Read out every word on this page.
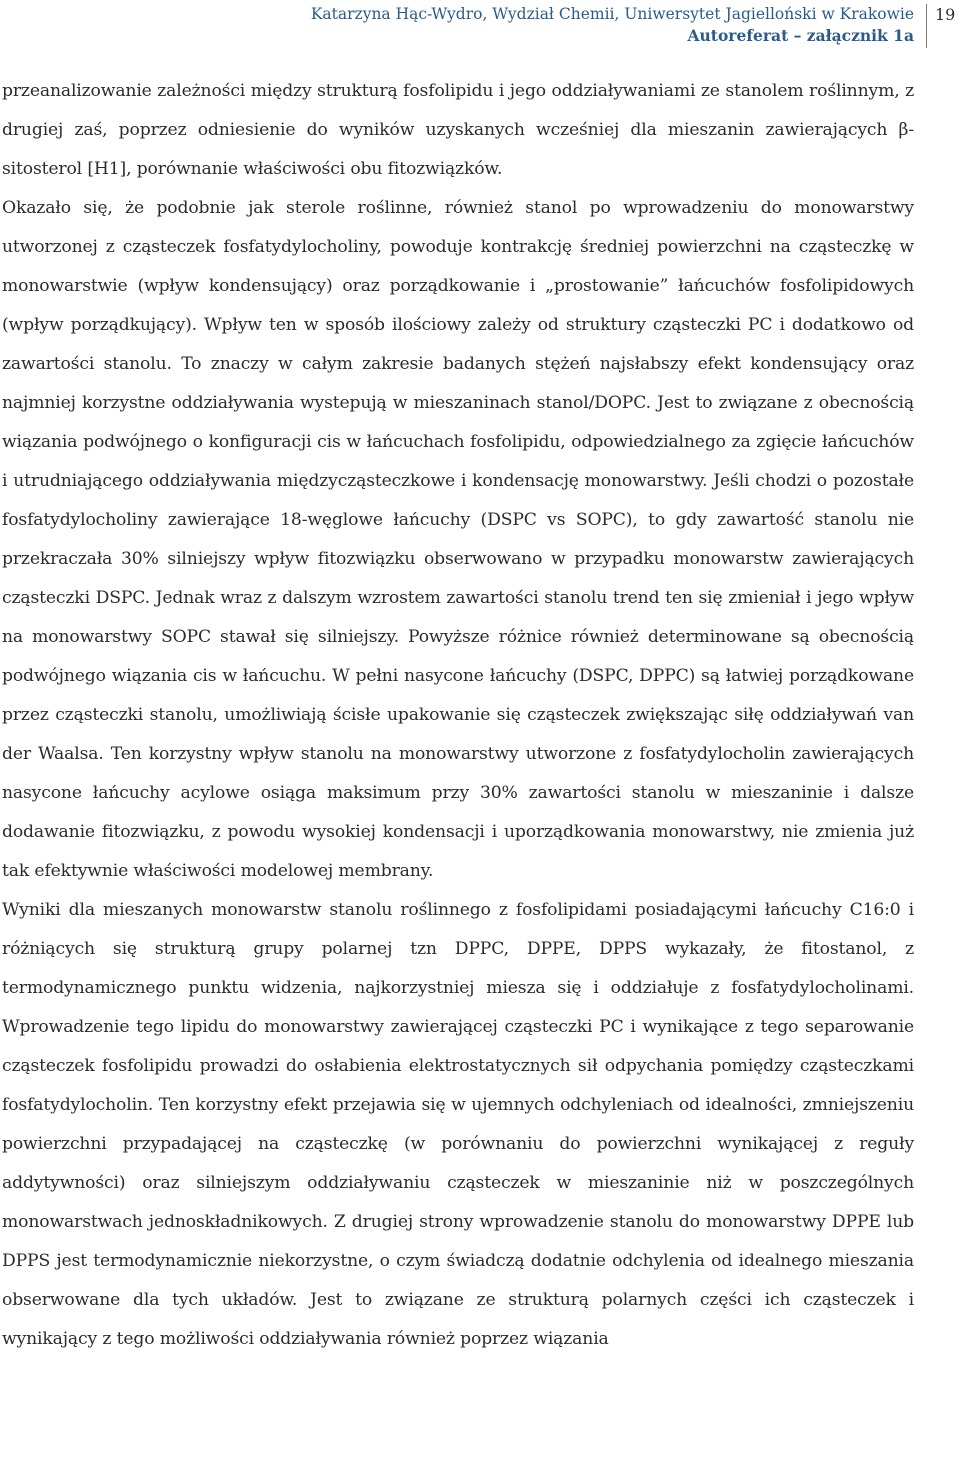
Katarzyna Hąc-Wydro, Wydział Chemii, Uniwersytet Jagielloński w Krakowie
Autoreferat – załącznik 1a
19

przeanalizowanie zależności między strukturą fosfolipidu i jego oddziaływaniami ze stanolem roślinnym, z drugiej zaś, poprzez odniesienie do wyników uzyskanych wcześniej dla mieszanin zawierających β-sitosterol [H1], porównanie właściwości obu fitozwiązków.

Okazało się, że podobnie jak sterole roślinne, również stanol po wprowadzeniu do monowarstwy utworzonej z cząsteczek fosfatydylocholiny, powoduje kontrakcję średniej powierzchni na cząsteczkę w monowarstwie (wpływ kondensujący) oraz porządkowanie i „prostowanie” łańcuchów fosfolipidowych (wpływ porządkujący). Wpływ ten w sposób ilościowy zależy od struktury cząsteczki PC i dodatkowo od zawartości stanolu. To znaczy w całym zakresie badanych stężeń najsłabszy efekt kondensujący oraz najmniej korzystne oddziaływania wystepują w mieszaninach stanol/DOPC. Jest to związane z obecnością wiązania podwójnego o konfiguracji cis w łańcuchach fosfolipidu, odpowiedzialnego za zgięcie łańcuchów i utrudniającego oddziaływania międzycząsteczkowe i kondensację monowarstwy. Jeśli chodzi o pozostałe fosfatydylocholiny zawierające 18-węglowe łańcuchy (DSPC vs SOPC), to gdy zawartość stanolu nie przekraczała 30% silniejszy wpływ fitozwiązku obserwowano w przypadku monowarstw zawierających cząsteczki DSPC. Jednak wraz z dalszym wzrostem zawartości stanolu trend ten się zmieniał i jego wpływ na monowarstwy SOPC stawał się silniejszy. Powyższe różnice również determinowane są obecnością podwójnego wiązania cis w łańcuchu. W pełni nasycone łańcuchy (DSPC, DPPC) są łatwiej porządkowane przez cząsteczki stanolu, umożliwiają ścisłe upakowanie się cząsteczek zwiększając siłę oddziaływań van der Waalsa. Ten korzystny wpływ stanolu na monowarstwy utworzone z fosfatydylocholin zawierających nasycone łańcuchy acylowe osiąga maksimum przy 30% zawartości stanolu w mieszaninie i dalsze dodawanie fitozwiązku, z powodu wysokiej kondensacji i uporządkowania monowarstwy, nie zmienia już tak efektywnie właściwości modelowej membrany.

Wyniki dla mieszanych monowarstw stanolu roślinnego z fosfolipidami posiadającymi łańcuchy C16:0 i różniących się strukturą grupy polarnej tzn DPPC, DPPE, DPPS wykazały, że fitostanol, z termodynamicznego punktu widzenia, najkorzystniej miesza się i oddziałuje z fosfatydylocholinami. Wprowadzenie tego lipidu do monowarstwy zawierającej cząsteczki PC i wynikające z tego separowanie cząsteczek fosfolipidu prowadzi do osłabienia elektrostatycznych sił odpychania pomiędzy cząsteczkami fosfatydylocholin. Ten korzystny efekt przejawia się w ujemnych odchyleniach od idealności, zmniejszeniu powierzchni przypadającej na cząsteczkę (w porównaniu do powierzchni wynikającej z reguły addytywności) oraz silniejszym oddziaływaniu cząsteczek w mieszaninie niż w poszczególnych monowarstwach jednoskładnikowych. Z drugiej strony wprowadzenie stanolu do monowarstwy DPPE lub DPPS jest termodynamicznie niekorzystne, o czym świadczą dodatnie odchylenia od idealnego mieszania obserwowane dla tych układów. Jest to związane ze strukturą polarnych części ich cząsteczek i wynikający z tego możliwości oddziaływania również poprzez wiązania
